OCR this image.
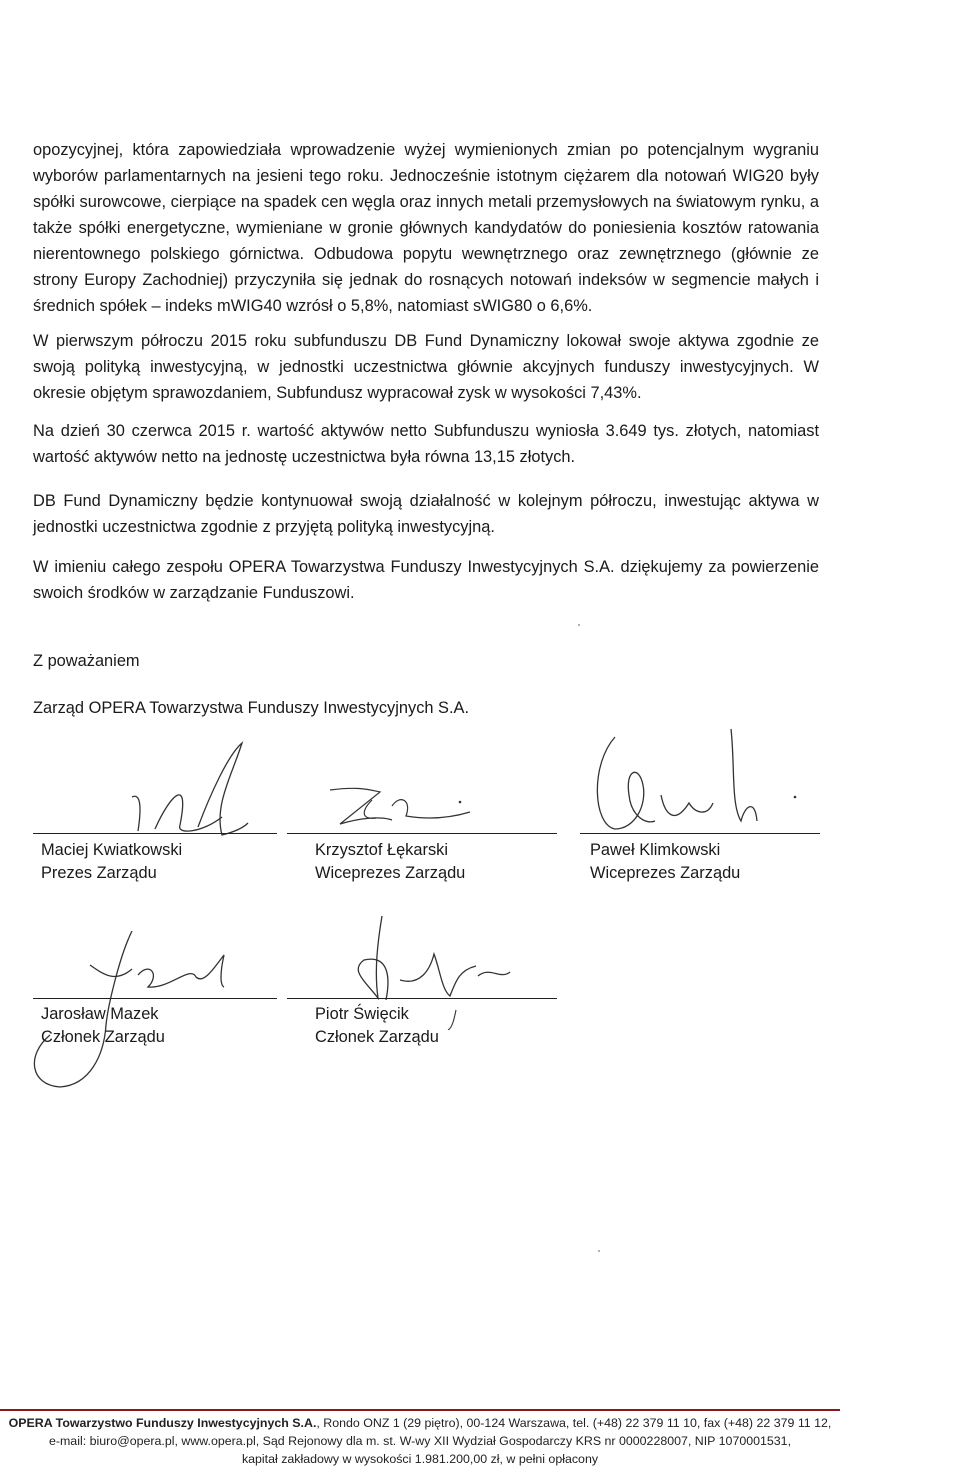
opozycyjnej, która zapowiedziała wprowadzenie wyżej wymienionych zmian po potencjalnym wygraniu wyborów parlamentarnych na jesieni tego roku. Jednocześnie istotnym ciężarem dla notowań WIG20 były spółki surowcowe, cierpiące na spadek cen węgla oraz innych metali przemysłowych na światowym rynku, a także spółki energetyczne, wymieniane w gronie głównych kandydatów do poniesienia kosztów ratowania nierentownego polskiego górnictwa. Odbudowa popytu wewnętrznego oraz zewnętrznego (głównie ze strony Europy Zachodniej) przyczyniła się jednak do rosnących notowań indeksów w segmencie małych i średnich spółek – indeks mWIG40 wzrósł o 5,8%, natomiast sWIG80 o 6,6%.

W pierwszym półroczu 2015 roku subfunduszu DB Fund Dynamiczny lokował swoje aktywa zgodnie ze swoją polityką inwestycyjną, w jednostki uczestnictwa głównie akcyjnych funduszy inwestycyjnych. W okresie objętym sprawozdaniem, Subfundusz wypracował zysk w wysokości 7,43%.

Na dzień 30 czerwca 2015 r. wartość aktywów netto Subfunduszu wyniosła 3.649 tys. złotych, natomiast wartość aktywów netto na jednostę uczestnictwa była równa 13,15 złotych.

DB Fund Dynamiczny będzie kontynuował swoją działalność w kolejnym półroczu, inwestując aktywa w jednostki uczestnictwa zgodnie z przyjętą polityką inwestycyjną.

W imieniu całego zespołu OPERA Towarzystwa Funduszy Inwestycyjnych S.A. dziękujemy za powierzenie swoich środków w zarządzanie Funduszowi.

Z poważaniem

Zarząd OPERA Towarzystwa Funduszy Inwestycyjnych S.A.

Maciej Kwiatkowski
Prezes Zarządu
Krzysztof Łękarski
Wiceprezes Zarządu
Paweł Klimkowski
Wiceprezes Zarządu
Jarosław Mazek
Członek Zarządu
Piotr Święcik
Członek Zarządu
OPERA Towarzystwo Funduszy Inwestycyjnych S.A., Rondo ONZ 1 (29 piętro), 00-124 Warszawa, tel. (+48) 22 379 11 10, fax (+48) 22 379 11 12,
e-mail: biuro@opera.pl, www.opera.pl, Sąd Rejonowy dla m. st. W-wy XII Wydział Gospodarczy KRS nr 0000228007, NIP 1070001531,
kapitał zakładowy w wysokości 1.981.200,00 zł, w pełni opłacony
